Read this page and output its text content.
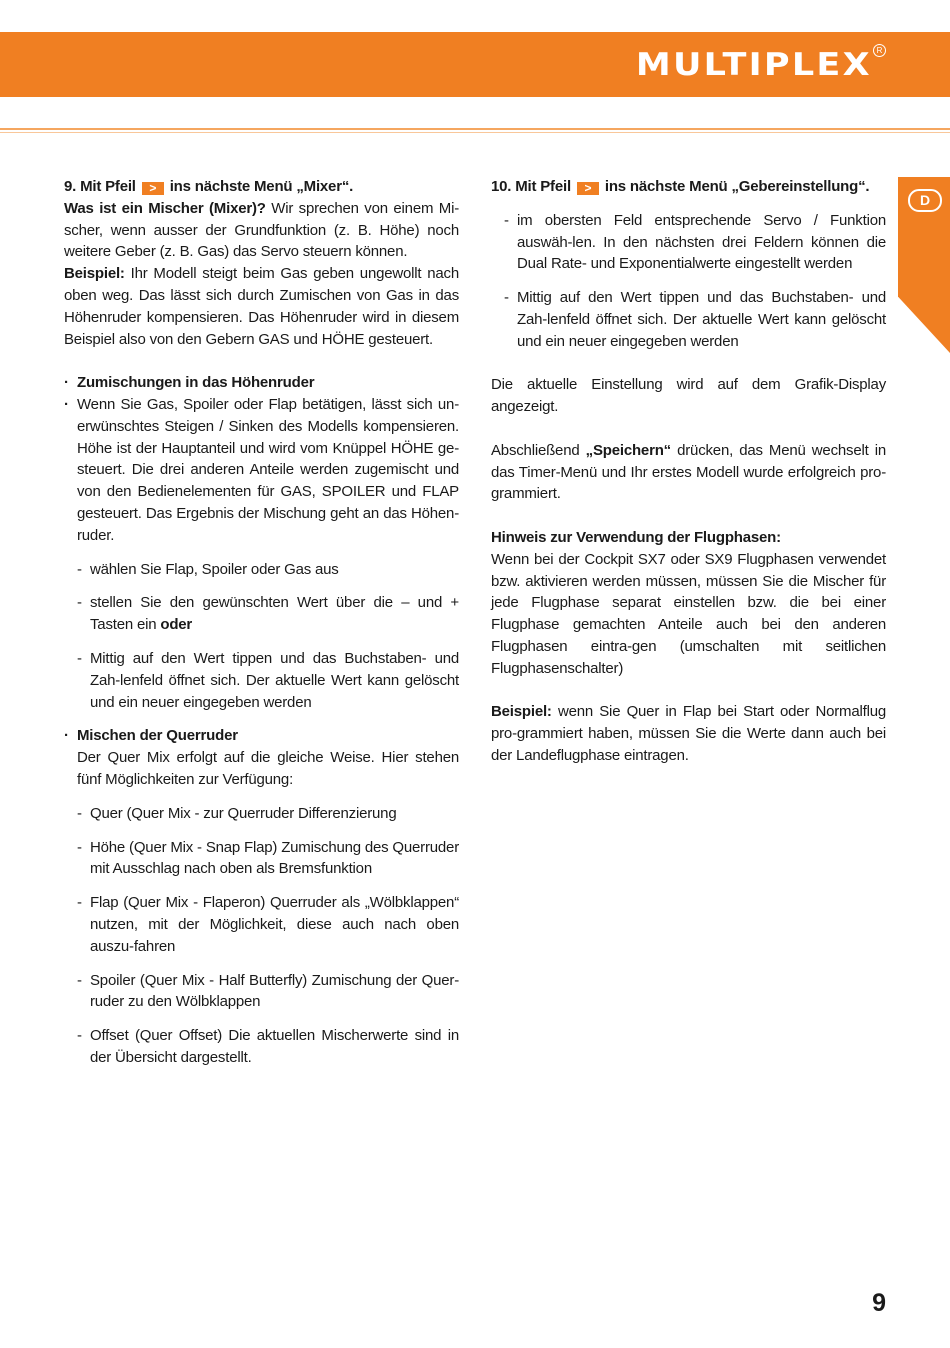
MULTIPLEX R
D

9. Mit Pfeil > ins nächste Menü „Mixer“.

Was ist ein Mischer (Mixer)? Wir sprechen von einem Mi-scher, wenn ausser der Grundfunktion (z. B. Höhe) noch weitere Geber (z. B. Gas) das Servo steuern können.

Beispiel: Ihr Modell steigt beim Gas geben ungewollt nach oben weg. Das lässt sich durch Zumischen von Gas in das Höhenruder kompensieren. Das Höhenruder wird in diesem Beispiel also von den Gebern GAS und HÖHE gesteuert.

· Zumischungen in das Höhenruder

· Wenn Sie Gas, Spoiler oder Flap betätigen, lässt sich un-erwünschtes Steigen / Sinken des Modells kompensieren. Höhe ist der Hauptanteil und wird vom Knüppel HÖHE ge-steuert. Die drei anderen Anteile werden zugemischt und von den Bedienelementen für GAS, SPOILER und FLAP gesteuert. Das Ergebnis der Mischung geht an das Höhen-ruder.

- wählen Sie Flap, Spoiler oder Gas aus

- stellen Sie den gewünschten Wert über die – und + Tasten ein oder

- Mittig auf den Wert tippen und das Buchstaben- und Zah-lenfeld öffnet sich. Der aktuelle Wert kann gelöscht und ein neuer eingegeben werden

· Mischen der Querruder

Der Quer Mix erfolgt auf die gleiche Weise. Hier stehen fünf Möglichkeiten zur Verfügung:

- Quer (Quer Mix - zur Querruder Differenzierung

- Höhe (Quer Mix - Snap Flap) Zumischung des Querruder mit Ausschlag nach oben als Bremsfunktion

- Flap (Quer Mix - Flaperon) Querruder als „Wölbklappen“ nutzen, mit der Möglichkeit, diese auch nach oben auszu-fahren

- Spoiler (Quer Mix - Half Butterfly) Zumischung der Quer-ruder zu den Wölbklappen

- Offset (Quer Offset) Die aktuellen Mischerwerte sind in der Übersicht dargestellt.

10. Mit Pfeil > ins nächste Menü „Gebereinstellung“.

- im obersten Feld entsprechende Servo / Funktion auswäh-len. In den nächsten drei Feldern können die Dual Rate- und Exponentialwerte eingestellt werden

- Mittig auf den Wert tippen und das Buchstaben- und Zah-lenfeld öffnet sich. Der aktuelle Wert kann gelöscht und ein neuer eingegeben werden

Die aktuelle Einstellung wird auf dem Grafik-Display angezeigt.

Abschließend „Speichern“ drücken, das Menü wechselt in das Timer-Menü und Ihr erstes Modell wurde erfolgreich pro-grammiert.

Hinweis zur Verwendung der Flugphasen:

Wenn bei der Cockpit SX7 oder SX9 Flugphasen verwendet bzw. aktivieren werden müssen, müssen Sie die Mischer für jede Flugphase separat einstellen bzw. die bei einer Flugphase gemachten Anteile auch bei den anderen Flugphasen eintra-gen (umschalten mit seitlichen Flugphasenschalter)

Beispiel: wenn Sie Quer in Flap bei Start oder Normalflug pro-grammiert haben, müssen Sie die Werte dann auch bei der Landeflugphase eintragen.

9
